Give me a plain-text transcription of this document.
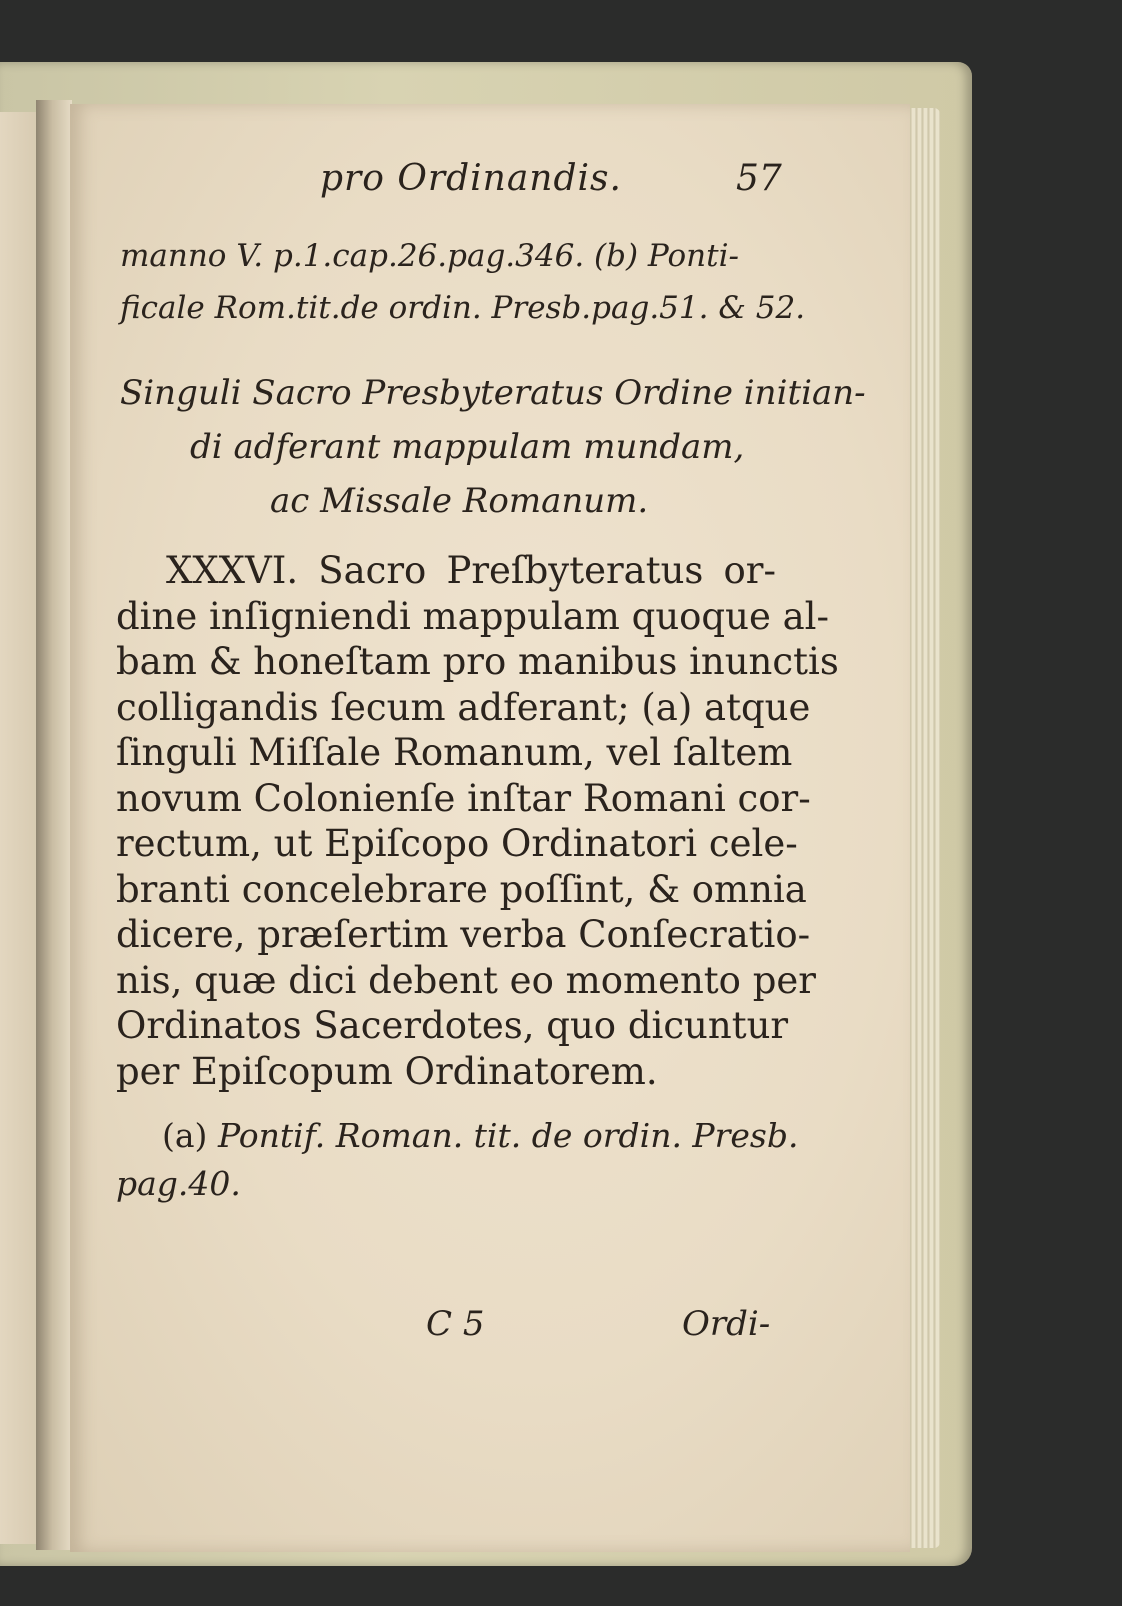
pro Ordinandis.	57
manno V. p.1.cap.26.pag.346. (b) Ponti-
ficale Rom.tit.de ordin. Presb.pag.51. & 52.
Singuli Sacro Presbyteratus Ordine initian-
di adferant mappulam mundam,
ac Missale Romanum.
XXXVI. Sacro Preſbyteratus or-
dine inſigniendi mappulam quoque al-
bam & honeſtam pro manibus inunctis
colligandis ſecum adferant; (a) atque
ſinguli Miſſale Romanum, vel ſaltem
novum Colonienſe inſtar Romani cor-
rectum, ut Epiſcopo Ordinatori cele-
branti concelebrare poſſint, & omnia
dicere, præſertim verba Conſecratio-
nis, quæ dici debent eo momento per
Ordinatos Sacerdotes, quo dicuntur
per Epiſcopum Ordinatorem.
(a) Pontif. Roman. tit. de ordin. Presb.
pag.40.
C 5	Ordi-
